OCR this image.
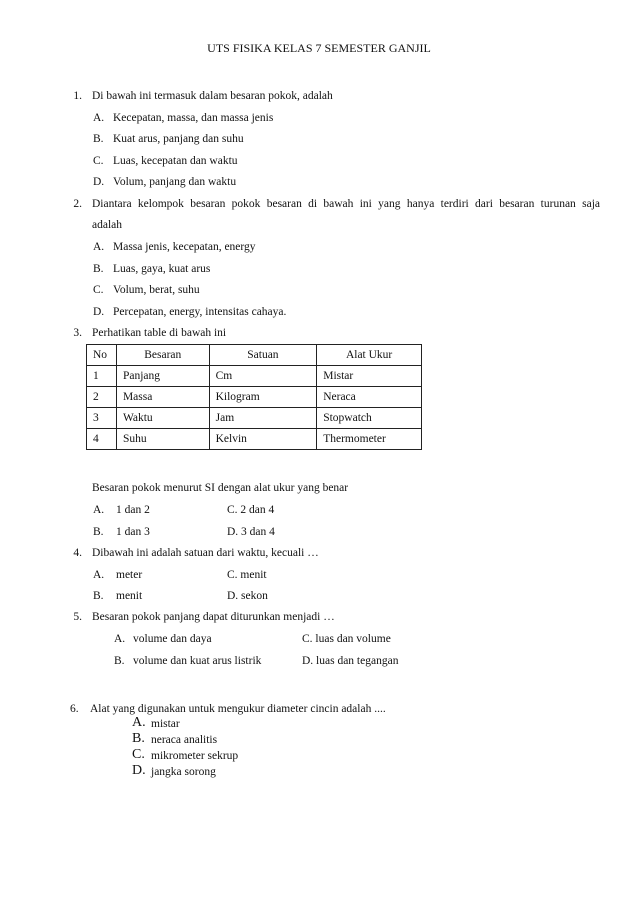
UTS FISIKA KELAS 7 SEMESTER GANJIL
1. Di bawah ini termasuk dalam besaran pokok, adalah
A. Kecepatan, massa, dan massa jenis
B. Kuat arus, panjang dan suhu
C. Luas, kecepatan dan waktu
D. Volum, panjang dan waktu
2. Diantara kelompok besaran pokok besaran di bawah ini yang hanya terdiri dari besaran turunan saja
adalah
A. Massa jenis, kecepatan, energy
B. Luas, gaya, kuat arus
C. Volum, berat, suhu
D. Percepatan, energy, intensitas cahaya.
3. Perhatikan table di bawah ini
No	Besaran	Satuan	Alat Ukur
1	Panjang	Cm	Mistar
2	Massa	Kilogram	Neraca
3	Waktu	Jam	Stopwatch
4	Suhu	Kelvin	Thermometer
Besaran pokok menurut SI dengan alat ukur yang benar
A. 1 dan 2	C. 2 dan 4
B. 1 dan 3	D. 3 dan 4
4. Dibawah ini adalah satuan dari waktu, kecuali …
A. meter	C. menit
B. menit	D. sekon
5. Besaran pokok panjang dapat diturunkan menjadi …
A. volume dan daya	C. luas dan volume
B. volume dan kuat arus listrik	D. luas dan tegangan
6. Alat yang digunakan untuk mengukur diameter cincin adalah ....
A. mistar
B. neraca analitis
C. mikrometer sekrup
D. jangka sorong
